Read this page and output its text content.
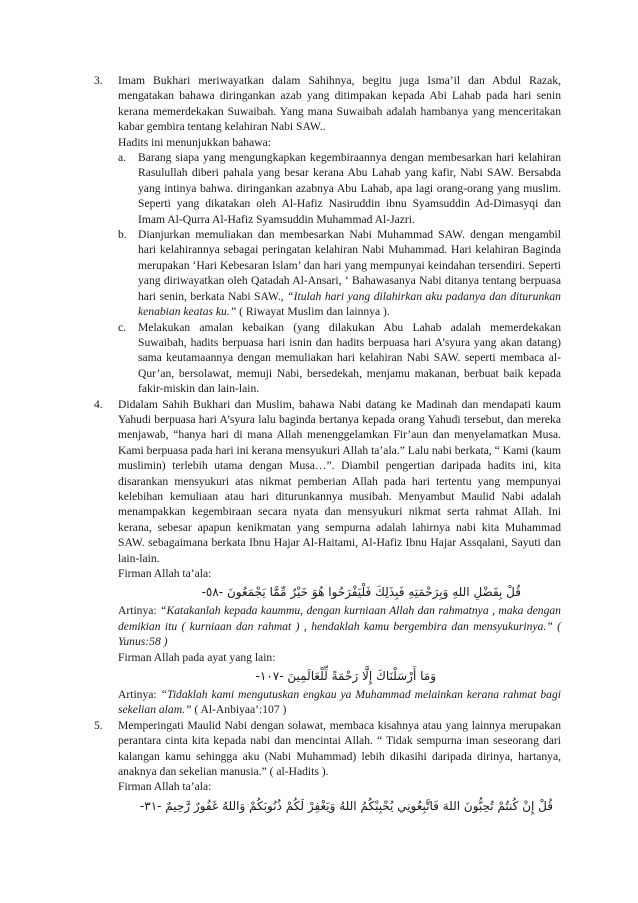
3. Imam Bukhari meriwayatkan dalam Sahihnya, begitu juga Isma’il dan Abdul Razak, mengatakan bahawa diringankan azab yang ditimpakan kepada Abi Lahab pada hari senin kerana memerdekakan Suwaibah. Yang mana Suwaibah adalah hambanya yang menceritakan kabar gembira tentang kelahiran Nabi SAW..

Hadits ini menunjukkan bahawa:

a. Barang siapa yang mengungkapkan kegembiraannya dengan membesarkan hari kelahiran Rasulullah diberi pahala yang besar kerana Abu Lahab yang kafir, Nabi SAW. Bersabda yang intinya bahwa. diringankan azabnya Abu Lahab, apa lagi orang-orang yang muslim. Seperti yang dikatakan oleh Al-Hafiz Nasiruddin ibnu Syamsuddin Ad-Dimasyqi dan Imam Al-Qurra Al-Hafiz Syamsuddin Muhammad Al-Jazri.

b. Dianjurkan memuliakan dan membesarkan Nabi Muhammad SAW. dengan mengambil hari kelahirannya sebagai peringatan kelahiran Nabi Muhammad. Hari kelahiran Baginda merupakan ‘Hari Kebesaran Islam’ dan hari yang mempunyai keindahan tersendiri. Seperti yang diriwayatkan oleh Qatadah Al-Ansari, ‘ Bahawasanya Nabi ditanya tentang berpuasa hari senin, berkata Nabi SAW., “Itulah hari yang dilahirkan aku padanya dan diturunkan kenabian keatas ku.” ( Riwayat Muslim dan lainnya ).

c. Melakukan amalan kebaikan (yang dilakukan Abu Lahab adalah memerdekakan Suwaibah, hadits berpuasa hari isnin dan hadits berpuasa hari A’syura yang akan datang) sama keutamaannya dengan memuliakan hari kelahiran Nabi SAW. seperti membaca al-Qur’an, bersolawat, memuji Nabi, bersedekah, menjamu makanan, berbuat baik kepada fakir-miskin dan lain-lain.

4. Didalam Sahih Bukhari dan Muslim, bahawa Nabi datang ke Madinah dan mendapati kaum Yahudi berpuasa hari A’syura lalu baginda bertanya kepada orang Yahudi tersebut, dan mereka menjawab, “hanya hari di mana Allah menenggelamkan Fir’aun dan menyelamatkan Musa. Kami berpuasa pada hari ini kerana mensyukuri Allah ta’ala.” Lalu nabi berkata, “ Kami (kaum muslimin) terlebih utama dengan Musa…”. Diambil pengertian daripada hadits ini, kita disarankan mensyukuri atas nikmat pemberian Allah pada hari tertentu yang mempunyai kelebihan kemuliaan atau hari diturunkannya musibah. Menyambut Maulid Nabi adalah menampakkan kegembiraan secara nyata dan mensyukuri nikmat serta rahmat Allah. Ini kerana, sebesar apapun kenikmatan yang sempurna adalah lahirnya nabi kita Muhammad SAW. sebagaimana berkata Ibnu Hajar Al-Haitami, Al-Hafiz Ibnu Hajar Assqalani, Sayuti dan lain-lain.

Firman Allah ta’ala:

قُلْ بِفَضْلِ اللهِ وَبِرَحْمَتِهِ فَبِذَلِكَ فَلْيَفْرَحُوا هُوَ خَيْرٌ مِّمَّا يَجْمَعُونَ -٥٨-

Artinya: “Katakanlah kepada kaummu, dengan kurniaan Allah dan rahmatnya , maka dengan demikian itu ( kurniaan dan rahmat ) , hendaklah kamu bergembira dan mensyukurinya.” ( Yunus:58 )

Firman Allah pada ayat yang lain:

وَمَا أَرْسَلْنَاكَ إِلَّا رَحْمَةً لِّلْعَالَمِينَ -١٠٧-

Artinya: “Tidaklah kami mengutuskan engkau ya Muhammad melainkan kerana rahmat bagi sekelian alam.” ( Al-Anbiyaa’:107 )

5. Memperingati Maulid Nabi dengan solawat, membaca kisahnya atau yang lainnya merupakan perantara cinta kita kepada nabi dan mencintai Allah. “ Tidak sempurna iman seseorang dari kalangan kamu sehingga aku (Nabi Muhammad) lebih dikasihi daripada dirinya, hartanya, anaknya dan sekelian manusia.” ( al-Hadits ).

Firman Allah ta’ala:

قُلْ إِنْ كُنتُمْ تُحِبُّونَ اللهَ فَاتَّبِعُونِي يُحْبِبْكُمُ اللهُ وَيَغْفِرْ لَكُمْ ذُنُوبَكُمْ وَاللهُ غَفُورٌ رَّحِيمٌ -٣١-
